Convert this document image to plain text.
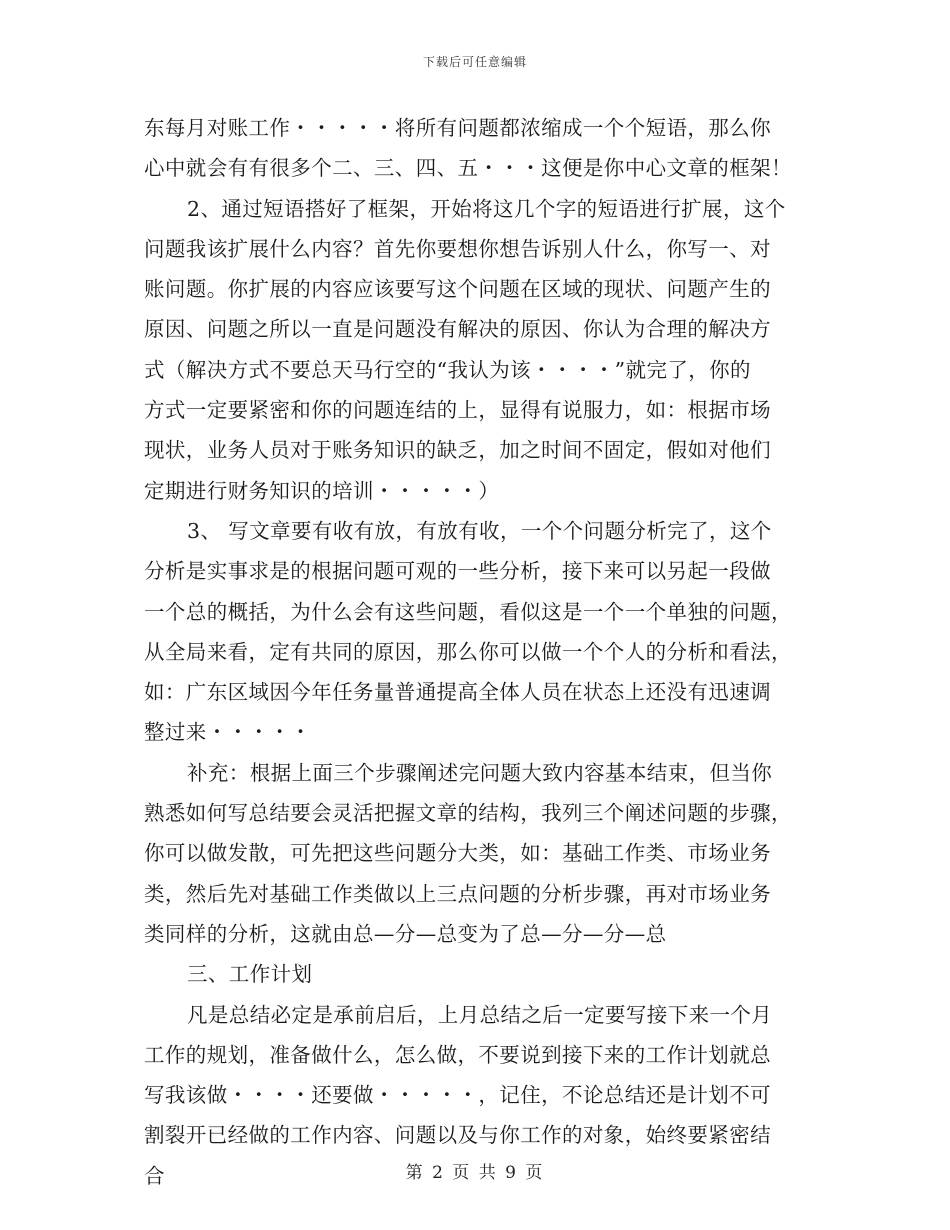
下载后可任意编辑
东每月对账工作・・・・・将所有问题都浓缩成一个个短语，那么你
心中就会有有很多个二、三、四、五・・・这便是你中心文章的框架！
2、通过短语搭好了框架，开始将这几个字的短语进行扩展，这个
问题我该扩展什么内容？首先你要想你想告诉别人什么，你写一、对
账问题。你扩展的内容应该要写这个问题在区域的现状、问题产生的
原因、问题之所以一直是问题没有解决的原因、你认为合理的解决方
式（解决方式不要总天马行空的“我认为该・・・・”就完了，你的
方式一定要紧密和你的问题连结的上，显得有说服力，如：根据市场
现状，业务人员对于账务知识的缺乏，加之时间不固定，假如对他们
定期进行财务知识的培训・・・・・）
3、 写文章要有收有放，有放有收，一个个问题分析完了，这个
分析是实事求是的根据问题可观的一些分析，接下来可以另起一段做
一个总的概括，为什么会有这些问题，看似这是一个一个单独的问题，
从全局来看，定有共同的原因，那么你可以做一个个人的分析和看法，
如：广东区域因今年任务量普通提高全体人员在状态上还没有迅速调
整过来・・・・・
补充：根据上面三个步骤阐述完问题大致内容基本结束，但当你
熟悉如何写总结要会灵活把握文章的结构，我列三个阐述问题的步骤，
你可以做发散，可先把这些问题分大类，如：基础工作类、市场业务
类，然后先对基础工作类做以上三点问题的分析步骤，再对市场业务
类同样的分析，这就由总—分—总变为了总—分—分—总
三、工作计划
凡是总结必定是承前启后，上月总结之后一定要写接下来一个月
工作的规划，准备做什么，怎么做，不要说到接下来的工作计划就总
写我该做・・・・还要做・・・・・，记住，不论总结还是计划不可
割裂开已经做的工作内容、问题以及与你工作的对象，始终要紧密结
合	第 2 页 共 9 页
